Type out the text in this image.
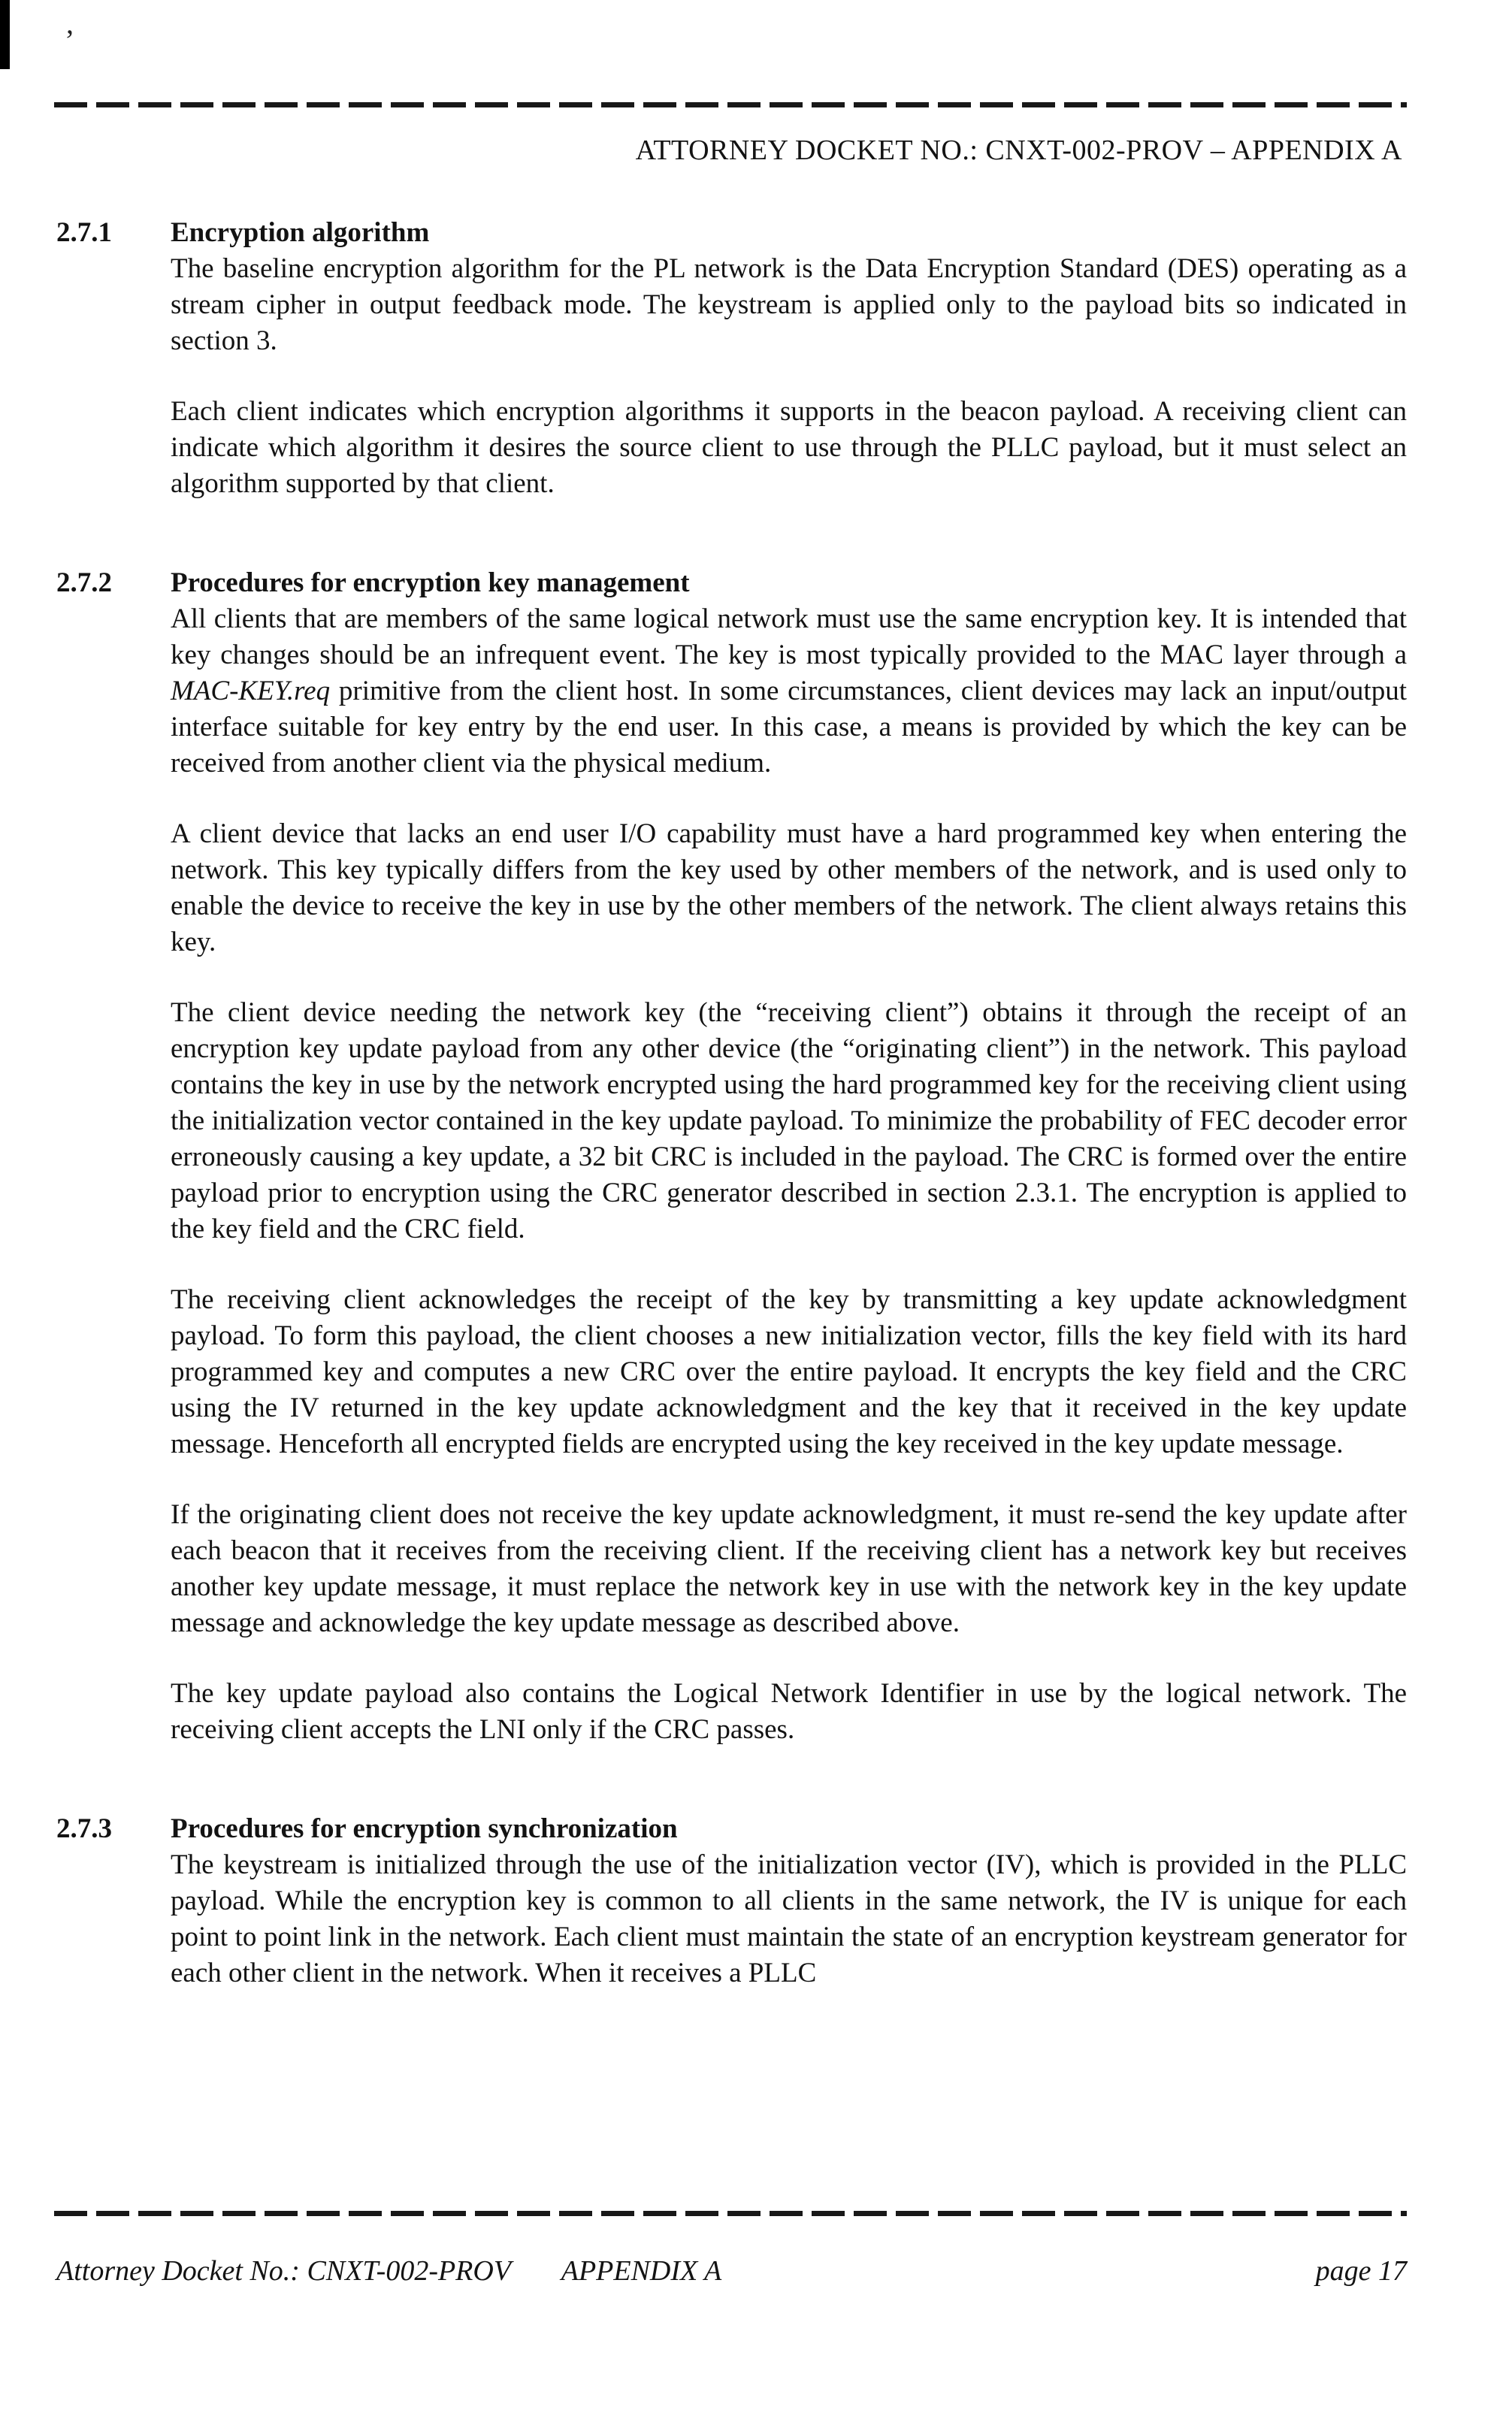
’
ATTORNEY DOCKET NO.: CNXT-002-PROV – APPENDIX A
2.7.1	Encryption algorithm

The baseline encryption algorithm for the PL network is the Data Encryption Standard (DES) operating as a stream cipher in output feedback mode. The keystream is applied only to the payload bits so indicated in section 3.

Each client indicates which encryption algorithms it supports in the beacon payload. A receiving client can indicate which algorithm it desires the source client to use through the PLLC payload, but it must select an algorithm supported by that client.

2.7.2	Procedures for encryption key management

All clients that are members of the same logical network must use the same encryption key. It is intended that key changes should be an infrequent event. The key is most typically provided to the MAC layer through a MAC-KEY.req primitive from the client host. In some circumstances, client devices may lack an input/output interface suitable for key entry by the end user. In this case, a means is provided by which the key can be received from another client via the physical medium.

A client device that lacks an end user I/O capability must have a hard programmed key when entering the network. This key typically differs from the key used by other members of the network, and is used only to enable the device to receive the key in use by the other members of the network. The client always retains this key.

The client device needing the network key (the “receiving client”) obtains it through the receipt of an encryption key update payload from any other device (the “originating client”) in the network. This payload contains the key in use by the network encrypted using the hard programmed key for the receiving client using the initialization vector contained in the key update payload. To minimize the probability of FEC decoder error erroneously causing a key update, a 32 bit CRC is included in the payload. The CRC is formed over the entire payload prior to encryption using the CRC generator described in section 2.3.1. The encryption is applied to the key field and the CRC field.

The receiving client acknowledges the receipt of the key by transmitting a key update acknowledgment payload. To form this payload, the client chooses a new initialization vector, fills the key field with its hard programmed key and computes a new CRC over the entire payload. It encrypts the key field and the CRC using the IV returned in the key update acknowledgment and the key that it received in the key update message. Henceforth all encrypted fields are encrypted using the key received in the key update message.

If the originating client does not receive the key update acknowledgment, it must re-send the key update after each beacon that it receives from the receiving client. If the receiving client has a network key but receives another key update message, it must replace the network key in use with the network key in the key update message and acknowledge the key update message as described above.

The key update payload also contains the Logical Network Identifier in use by the logical network. The receiving client accepts the LNI only if the CRC passes.

2.7.3	Procedures for encryption synchronization

The keystream is initialized through the use of the initialization vector (IV), which is provided in the PLLC payload. While the encryption key is common to all clients in the same network, the IV is unique for each point to point link in the network. Each client must maintain the state of an encryption keystream generator for each other client in the network. When it receives a PLLC

Attorney Docket No.: CNXT-002-PROV	APPENDIX A	page 17
